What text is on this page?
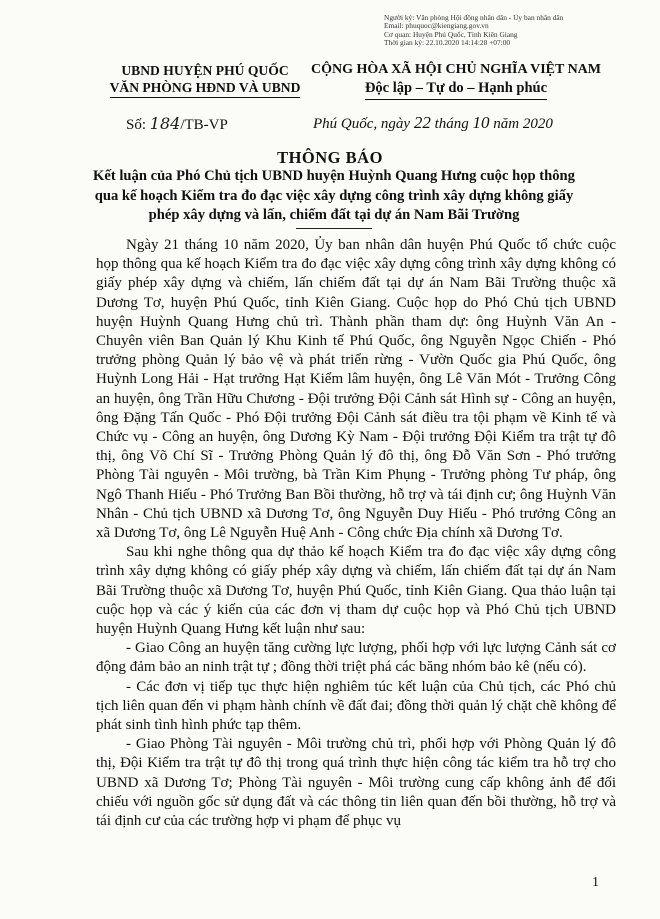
Người ký: Văn phòng Hội đồng nhân dân - Ủy ban nhân dân
Email: phuquoc@kiengiang.gov.vn
Cơ quan: Huyện Phú Quốc, Tỉnh Kiên Giang
Thời gian ký: 22.10.2020 14:14:28 +07:00
UBND HUYỆN PHÚ QUỐC
VĂN PHÒNG HĐND VÀ UBND
CỘNG HÒA XÃ HỘI CHỦ NGHĨA VIỆT NAM
Độc lập – Tự do – Hạnh phúc
Số: 184/TB-VP	Phú Quốc, ngày 22 tháng 10 năm 2020
THÔNG BÁO
Kết luận của Phó Chủ tịch UBND huyện Huỳnh Quang Hưng cuộc họp thông qua kế hoạch Kiểm tra đo đạc việc xây dựng công trình xây dựng không giấy phép xây dựng và lấn, chiếm đất tại dự án Nam Bãi Trường

Ngày 21 tháng 10 năm 2020, Ủy ban nhân dân huyện Phú Quốc tổ chức cuộc họp thông qua kế hoạch Kiểm tra đo đạc việc xây dựng công trình xây dựng không có giấy phép xây dựng và chiếm, lấn chiếm đất tại dự án Nam Bãi Trường thuộc xã Dương Tơ, huyện Phú Quốc, tỉnh Kiên Giang. Cuộc họp do Phó Chủ tịch UBND huyện Huỳnh Quang Hưng chủ trì. Thành phần tham dự: ông Huỳnh Văn An - Chuyên viên Ban Quản lý Khu Kinh tế Phú Quốc, ông Nguyễn Ngọc Chiến - Phó trưởng phòng Quản lý bảo vệ và phát triển rừng - Vườn Quốc gia Phú Quốc, ông Huỳnh Long Hải - Hạt trưởng Hạt Kiểm lâm huyện, ông Lê Văn Mót - Trưởng Công an huyện, ông Trần Hữu Chương - Đội trưởng Đội Cảnh sát Hình sự - Công an huyện, ông Đặng Tấn Quốc - Phó Đội trưởng Đội Cảnh sát điều tra tội phạm về Kinh tế và Chức vụ - Công an huyện, ông Dương Kỳ Nam - Đội trưởng Đội Kiểm tra trật tự đô thị, ông Võ Chí Sĩ - Trưởng Phòng Quản lý đô thị, ông Đỗ Văn Sơn - Phó trưởng Phòng Tài nguyên - Môi trường, bà Trần Kim Phụng - Trưởng phòng Tư pháp, ông Ngô Thanh Hiếu - Phó Trưởng Ban Bồi thường, hỗ trợ và tái định cư; ông Huỳnh Văn Nhân - Chủ tịch UBND xã Dương Tơ, ông Nguyễn Duy Hiếu - Phó trưởng Công an xã Dương Tơ, ông Lê Nguyễn Huệ Anh - Công chức Địa chính xã Dương Tơ.

Sau khi nghe thông qua dự thảo kế hoạch Kiểm tra đo đạc việc xây dựng công trình xây dựng không có giấy phép xây dựng và chiếm, lấn chiếm đất tại dự án Nam Bãi Trường thuộc xã Dương Tơ, huyện Phú Quốc, tỉnh Kiên Giang. Qua thảo luận tại cuộc họp và các ý kiến của các đơn vị tham dự cuộc họp và Phó Chủ tịch UBND huyện Huỳnh Quang Hưng kết luận như sau:

- Giao Công an huyện tăng cường lực lượng, phối hợp với lực lượng Cảnh sát cơ động đảm bảo an ninh trật tự ; đồng thời triệt phá các băng nhóm bảo kê (nếu có).

- Các đơn vị tiếp tục thực hiện nghiêm túc kết luận của Chủ tịch, các Phó chủ tịch liên quan đến vi phạm hành chính về đất đai; đồng thời quản lý chặt chẽ không để phát sinh tình hình phức tạp thêm.

- Giao Phòng Tài nguyên - Môi trường chủ trì, phối hợp với Phòng Quản lý đô thị, Đội Kiểm tra trật tự đô thị trong quá trình thực hiện công tác kiểm tra hỗ trợ cho UBND xã Dương Tơ; Phòng Tài nguyên - Môi trường cung cấp không ảnh để đối chiếu với nguồn gốc sử dụng đất và các thông tin liên quan đến bồi thường, hỗ trợ và tái định cư của các trường hợp vi phạm để phục vụ

1
